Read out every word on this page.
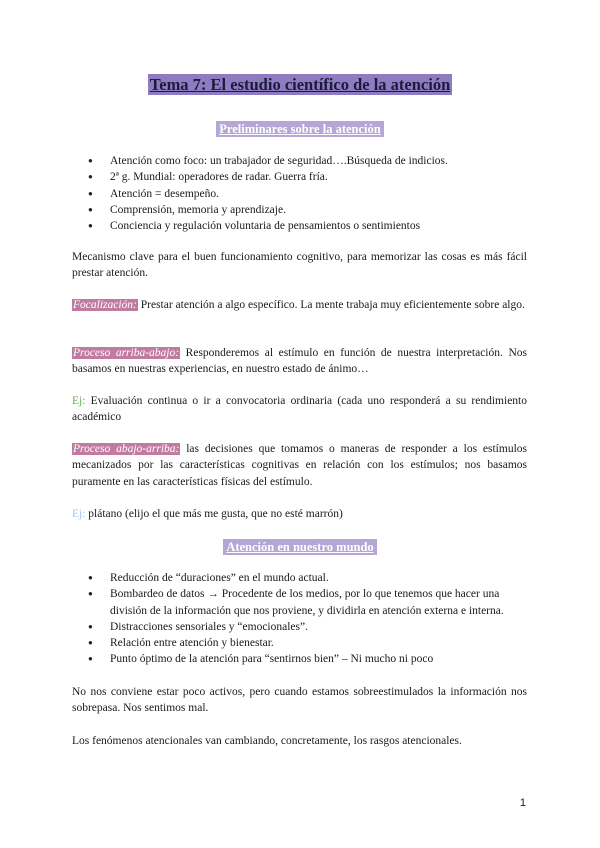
Tema 7: El estudio científico de la atención
Preliminares sobre la atención
● Atención como foco: un trabajador de seguridad….Búsqueda de indicios.
● 2ª g. Mundial: operadores de radar. Guerra fría.
● Atención = desempeño.
● Comprensión, memoria y aprendizaje.
● Conciencia y regulación voluntaria de pensamientos o sentimientos

Mecanismo clave para el buen funcionamiento cognitivo, para memorizar las cosas es más fácil prestar atención.

Focalización: Prestar atención a algo específico. La mente trabaja muy eficientemente sobre algo.

Proceso arriba-abajo: Responderemos al estímulo en función de nuestra interpretación. Nos basamos en nuestras experiencias, en nuestro estado de ánimo…

Ej: Evaluación continua o ir a convocatoria ordinaria (cada uno responderá a su rendimiento académico

Proceso abajo-arriba: las decisiones que tomamos o maneras de responder a los estímulos mecanizados por las características cognitivas en relación con los estímulos; nos basamos puramente en las características físicas del estímulo.

Ej: plátano (elijo el que más me gusta, que no esté marrón)

Atención en nuestro mundo
● Reducción de “duraciones” en el mundo actual.
● Bombardeo de datos → Procedente de los medios, por lo que tenemos que hacer una división de la información que nos proviene, y dividirla en atención externa e interna.
● Distracciones sensoriales y “emocionales”.
● Relación entre atención y bienestar.
● Punto óptimo de la atención para “sentirnos bien” – Ni mucho ni poco

No nos conviene estar poco activos, pero cuando estamos sobreestimulados la información nos sobrepasa. Nos sentimos mal.

Los fenómenos atencionales van cambiando, concretamente, los rasgos atencionales.

1
